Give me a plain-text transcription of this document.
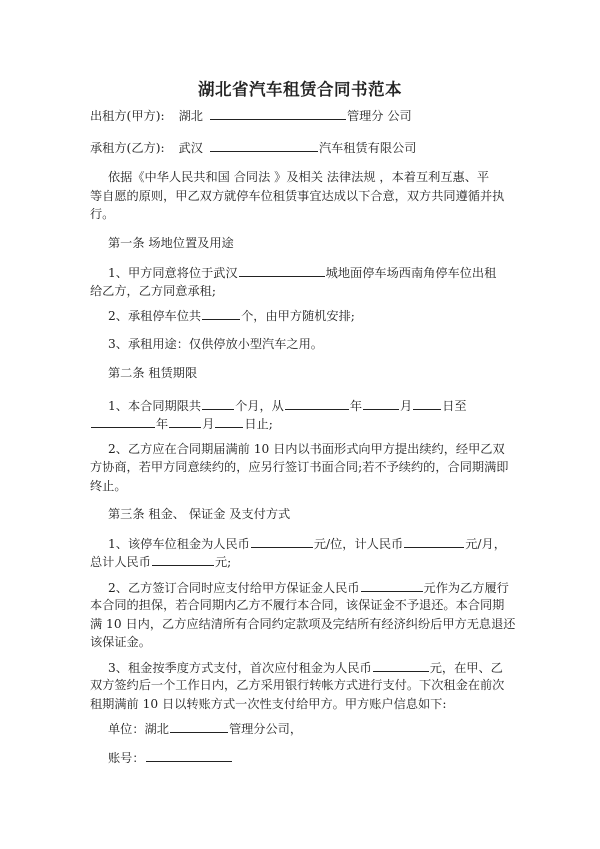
湖北省汽车租赁合同书范本
出租方(甲方): 湖北	管理分 公司
承租方(乙方): 武汉	汽车租赁有限公司
依据《中华人民共和国 合同法 》及相关 法律法规 ，本着互利互惠、平
等自愿的原则，甲乙双方就停车位租赁事宜达成以下合意，双方共同遵循并执
行。
第一条 场地位置及用途
1、甲方同意将位于武汉	城地面停车场西南角停车位出租
给乙方，乙方同意承租;
2、承租停车位共	个，由甲方随机安排;
3、承租用途：仅供停放小型汽车之用。
第二条 租赁期限
1、本合同期限共	个月，从	年	月 日至
年	月 日止;
2、乙方应在合同期届满前 10 日内以书面形式向甲方提出续约，经甲乙双
方协商，若甲方同意续约的，应另行签订书面合同;若不予续约的，合同期满即
终止。
第三条 租金、 保证金 及支付方式
1、该停车位租金为人民币	元/位，计人民币	元/月，
总计人民币	元;
2、乙方签订合同时应支付给甲方保证金人民币	元作为乙方履行
本合同的担保，若合同期内乙方不履行本合同，该保证金不予退还。本合同期
满 10 日内，乙方应结清所有合同约定款项及完结所有经济纠纷后甲方无息退还
该保证金。
3、租金按季度方式支付，首次应付租金为人民币	元，在甲、乙
双方签约后一个工作日内，乙方采用银行转帐方式进行支付。下次租金在前次
租期满前 10 日以转账方式一次性支付给甲方。甲方账户信息如下:
单位：湖北	管理分公司，
账号：
